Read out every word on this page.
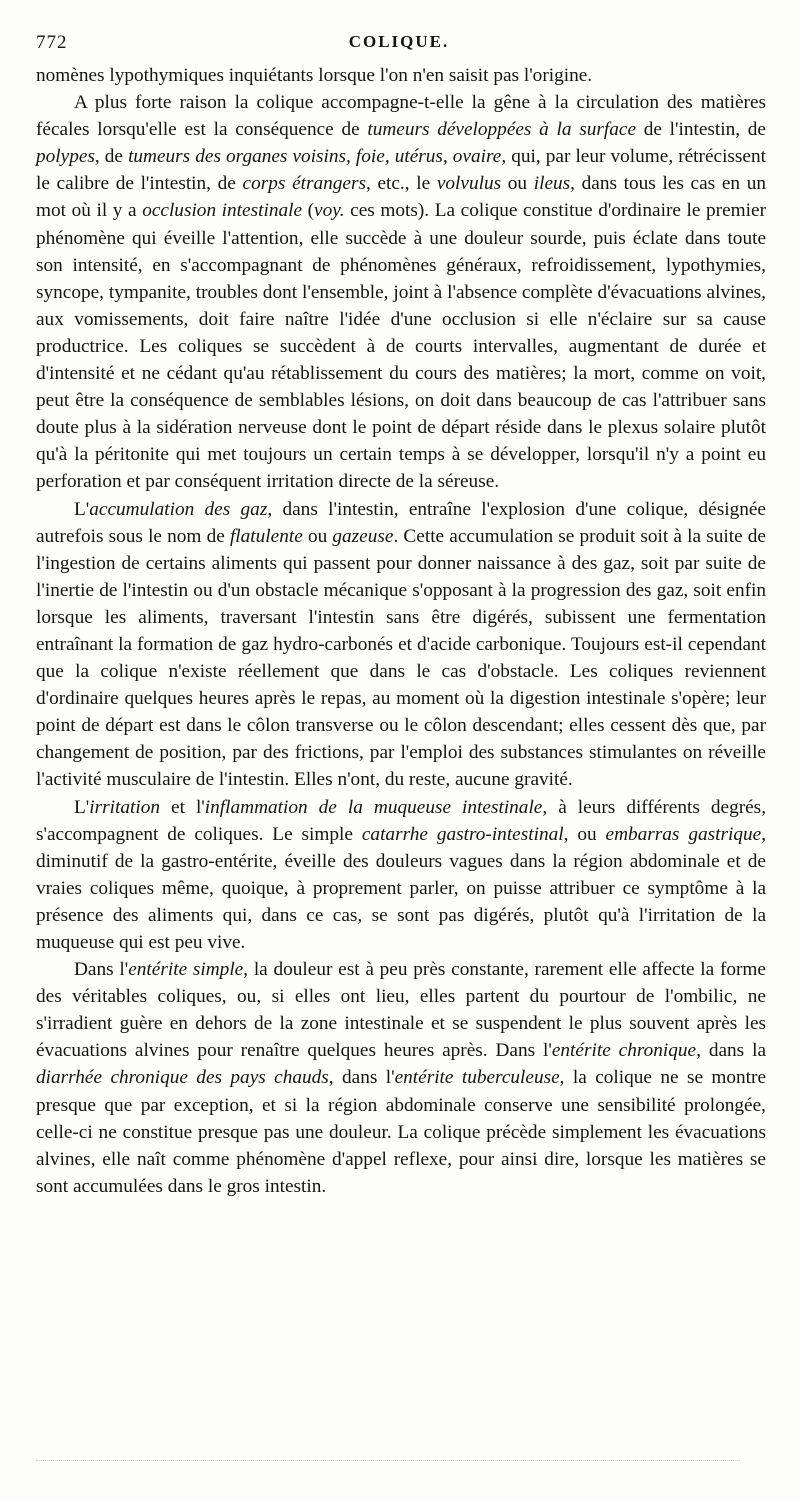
772	COLIQUE.

nomènes lypothymiques inquiétants lorsque l'on n'en saisit pas l'origine.

A plus forte raison la colique accompagne-t-elle la gêne à la circulation des matières fécales lorsqu'elle est la conséquence de tumeurs développées à la surface de l'intestin, de polypes, de tumeurs des organes voisins, foie, utérus, ovaire, qui, par leur volume, rétrécissent le calibre de l'intestin, de corps étrangers, etc., le volvulus ou ileus, dans tous les cas en un mot où il y a occlusion intestinale (voy. ces mots). La colique constitue d'ordinaire le premier phénomène qui éveille l'attention, elle succède à une douleur sourde, puis éclate dans toute son intensité, en s'accompagnant de phénomènes généraux, refroidissement, lypothymies, syncope, tympanite, troubles dont l'ensemble, joint à l'absence complète d'évacuations alvines, aux vomissements, doit faire naître l'idée d'une occlusion si elle n'éclaire sur sa cause productrice. Les coliques se succèdent à de courts intervalles, augmentant de durée et d'intensité et ne cédant qu'au rétablissement du cours des matières; la mort, comme on voit, peut être la conséquence de semblables lésions, on doit dans beaucoup de cas l'attribuer sans doute plus à la sidération nerveuse dont le point de départ réside dans le plexus solaire plutôt qu'à la péritonite qui met toujours un certain temps à se développer, lorsqu'il n'y a point eu perforation et par conséquent irritation directe de la séreuse.

L'accumulation des gaz, dans l'intestin, entraîne l'explosion d'une colique, désignée autrefois sous le nom de flatulente ou gazeuse. Cette accumulation se produit soit à la suite de l'ingestion de certains aliments qui passent pour donner naissance à des gaz, soit par suite de l'inertie de l'intestin ou d'un obstacle mécanique s'opposant à la progression des gaz, soit enfin lorsque les aliments, traversant l'intestin sans être digérés, subissent une fermentation entraînant la formation de gaz hydro-carbonés et d'acide carbonique. Toujours est-il cependant que la colique n'existe réellement que dans le cas d'obstacle. Les coliques reviennent d'ordinaire quelques heures après le repas, au moment où la digestion intestinale s'opère; leur point de départ est dans le côlon transverse ou le côlon descendant; elles cessent dès que, par changement de position, par des frictions, par l'emploi des substances stimulantes on réveille l'activité musculaire de l'intestin. Elles n'ont, du reste, aucune gravité.

L'irritation et l'inflammation de la muqueuse intestinale, à leurs différents degrés, s'accompagnent de coliques. Le simple catarrhe gastro-intestinal, ou embarras gastrique, diminutif de la gastro-entérite, éveille des douleurs vagues dans la région abdominale et de vraies coliques même, quoique, à proprement parler, on puisse attribuer ce symptôme à la présence des aliments qui, dans ce cas, se sont pas digérés, plutôt qu'à l'irritation de la muqueuse qui est peu vive.

Dans l'entérite simple, la douleur est à peu près constante, rarement elle affecte la forme des véritables coliques, ou, si elles ont lieu, elles partent du pourtour de l'ombilic, ne s'irradient guère en dehors de la zone intestinale et se suspendent le plus souvent après les évacuations alvines pour renaître quelques heures après. Dans l'entérite chronique, dans la diarrhée chronique des pays chauds, dans l'entérite tuberculeuse, la colique ne se montre presque que par exception, et si la région abdominale conserve une sensibilité prolongée, celle-ci ne constitue presque pas une douleur. La colique précède simplement les évacuations alvines, elle naît comme phénomène d'appel reflexe, pour ainsi dire, lorsque les matières se sont accumulées dans le gros intestin.
